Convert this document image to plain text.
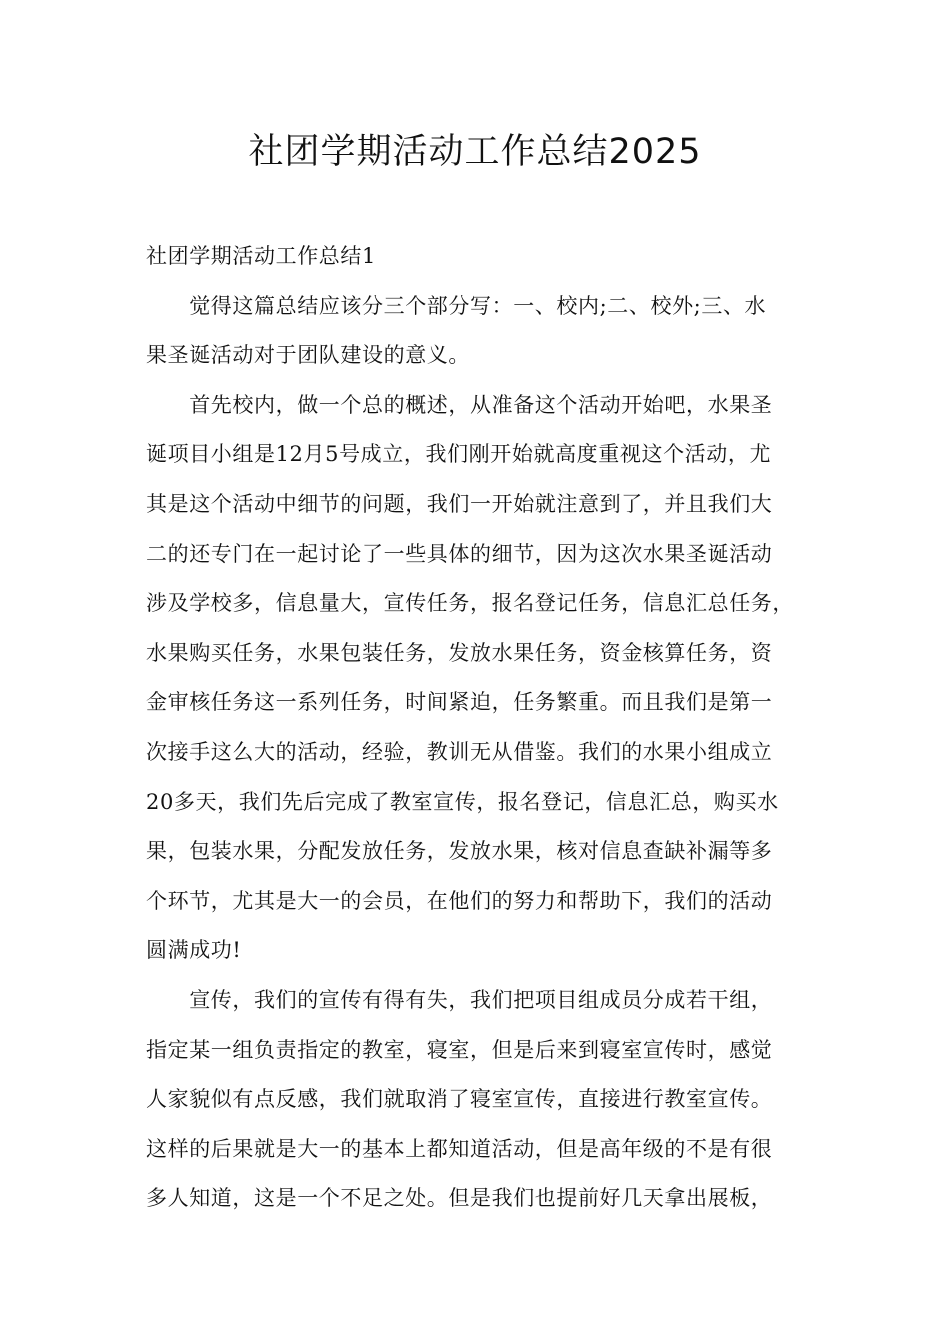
社团学期活动工作总结2025

社团学期活动工作总结1

　　觉得这篇总结应该分三个部分写：一、校内;二、校外;三、水

果圣诞活动对于团队建设的意义。

　　首先校内，做一个总的概述，从准备这个活动开始吧，水果圣

诞项目小组是12月5号成立，我们刚开始就高度重视这个活动，尤

其是这个活动中细节的问题，我们一开始就注意到了，并且我们大

二的还专门在一起讨论了一些具体的细节，因为这次水果圣诞活动

涉及学校多，信息量大，宣传任务，报名登记任务，信息汇总任务，

水果购买任务，水果包装任务，发放水果任务，资金核算任务，资

金审核任务这一系列任务，时间紧迫，任务繁重。而且我们是第一

次接手这么大的活动，经验，教训无从借鉴。我们的水果小组成立

20多天，我们先后完成了教室宣传，报名登记，信息汇总，购买水

果，包装水果，分配发放任务，发放水果，核对信息查缺补漏等多

个环节，尤其是大一的会员，在他们的努力和帮助下，我们的活动

圆满成功!

　　宣传，我们的宣传有得有失，我们把项目组成员分成若干组，

指定某一组负责指定的教室，寝室，但是后来到寝室宣传时，感觉

人家貌似有点反感，我们就取消了寝室宣传，直接进行教室宣传。

这样的后果就是大一的基本上都知道活动，但是高年级的不是有很

多人知道，这是一个不足之处。但是我们也提前好几天拿出展板，
